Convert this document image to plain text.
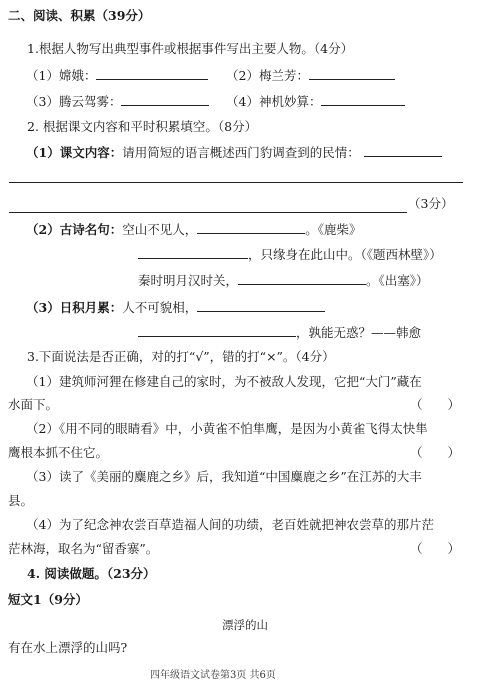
二、阅读、积累（39分）
1.根据人物写出典型事件或根据事件写出主要人物。（4分）
（1）嫦娥：	（2）梅兰芳：
（3）腾云驾雾：	（4）神机妙算：
2. 根据课文内容和平时积累填空。（8分）
（1）课文内容：请用简短的语言概述西门豹调查到的民情：
（3分）
（2）古诗名句：空山不见人，	。《鹿柴》
，只缘身在此山中。（《题西林壁》）
秦时明月汉时关，	。《出塞》）
（3）日积月累：人不可貌相，
，孰能无惑？——韩愈
3.下面说法是否正确，对的打“√”，错的打“×”。（4分）
（1）建筑师河狸在修建自己的家时，为不被敌人发现，它把“大门”藏在
水面下。	（　　）
（2）《用不同的眼睛看》中，小黄雀不怕隼鹰，是因为小黄雀飞得太快隼
鹰根本抓不住它。	（　　）
（3）读了《美丽的麋鹿之乡》后，我知道“中国麋鹿之乡”在江苏的大丰
县。
（4）为了纪念神农尝百草造福人间的功绩，老百姓就把神农尝草的那片茫
茫林海，取名为“留香寨”。	（　　）
4. 阅读做题。（23分）
短文1（9分）
漂浮的山
有在水上漂浮的山吗?
四年级语文试卷第3页 共6页
